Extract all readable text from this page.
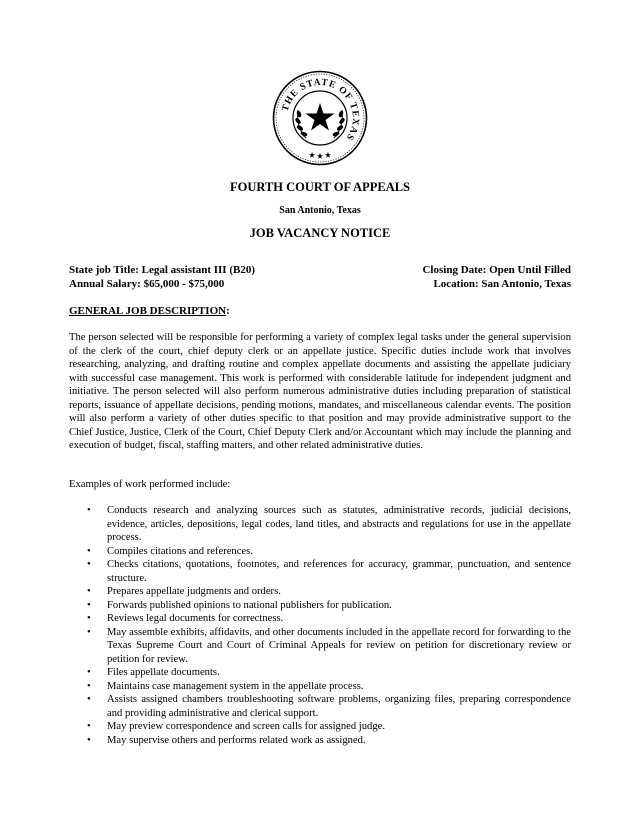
THE STATE OF TEXAS
FOURTH COURT OF APPEALS
San Antonio, Texas
JOB VACANCY NOTICE
State job Title: Legal assistant III (B20)	Closing Date: Open Until Filled
Annual Salary: $65,000 - $75,000	Location: San Antonio, Texas
GENERAL JOB DESCRIPTION:

The person selected will be responsible for performing a variety of complex legal tasks under the general supervision of the clerk of the court, chief deputy clerk or an appellate justice. Specific duties include work that involves researching, analyzing, and drafting routine and complex appellate documents and assisting the appellate judiciary with successful case management. This work is performed with considerable latitude for independent judgment and initiative. The person selected will also perform numerous administrative duties including preparation of statistical reports, issuance of appellate decisions, pending motions, mandates, and miscellaneous calendar events. The position will also perform a variety of other duties specific to that position and may provide administrative support to the Chief Justice, Justice, Clerk of the Court, Chief Deputy Clerk and/or Accountant which may include the planning and execution of budget, fiscal, staffing matters, and other related administrative duties.

Examples of work performed include:
• Conducts research and analyzing sources such as statutes, administrative records, judicial decisions, evidence, articles, depositions, legal codes, land titles, and abstracts and regulations for use in the appellate process.
• Compiles citations and references.
• Checks citations, quotations, footnotes, and references for accuracy, grammar, punctuation, and sentence structure.
• Prepares appellate judgments and orders.
• Forwards published opinions to national publishers for publication.
• Reviews legal documents for correctness.
• May assemble exhibits, affidavits, and other documents included in the appellate record for forwarding to the Texas Supreme Court and Court of Criminal Appeals for review on petition for discretionary review or petition for review.
• Files appellate documents.
• Maintains case management system in the appellate process.
• Assists assigned chambers troubleshooting software problems, organizing files, preparing correspondence and providing administrative and clerical support.
• May preview correspondence and screen calls for assigned judge.
• May supervise others and performs related work as assigned.
